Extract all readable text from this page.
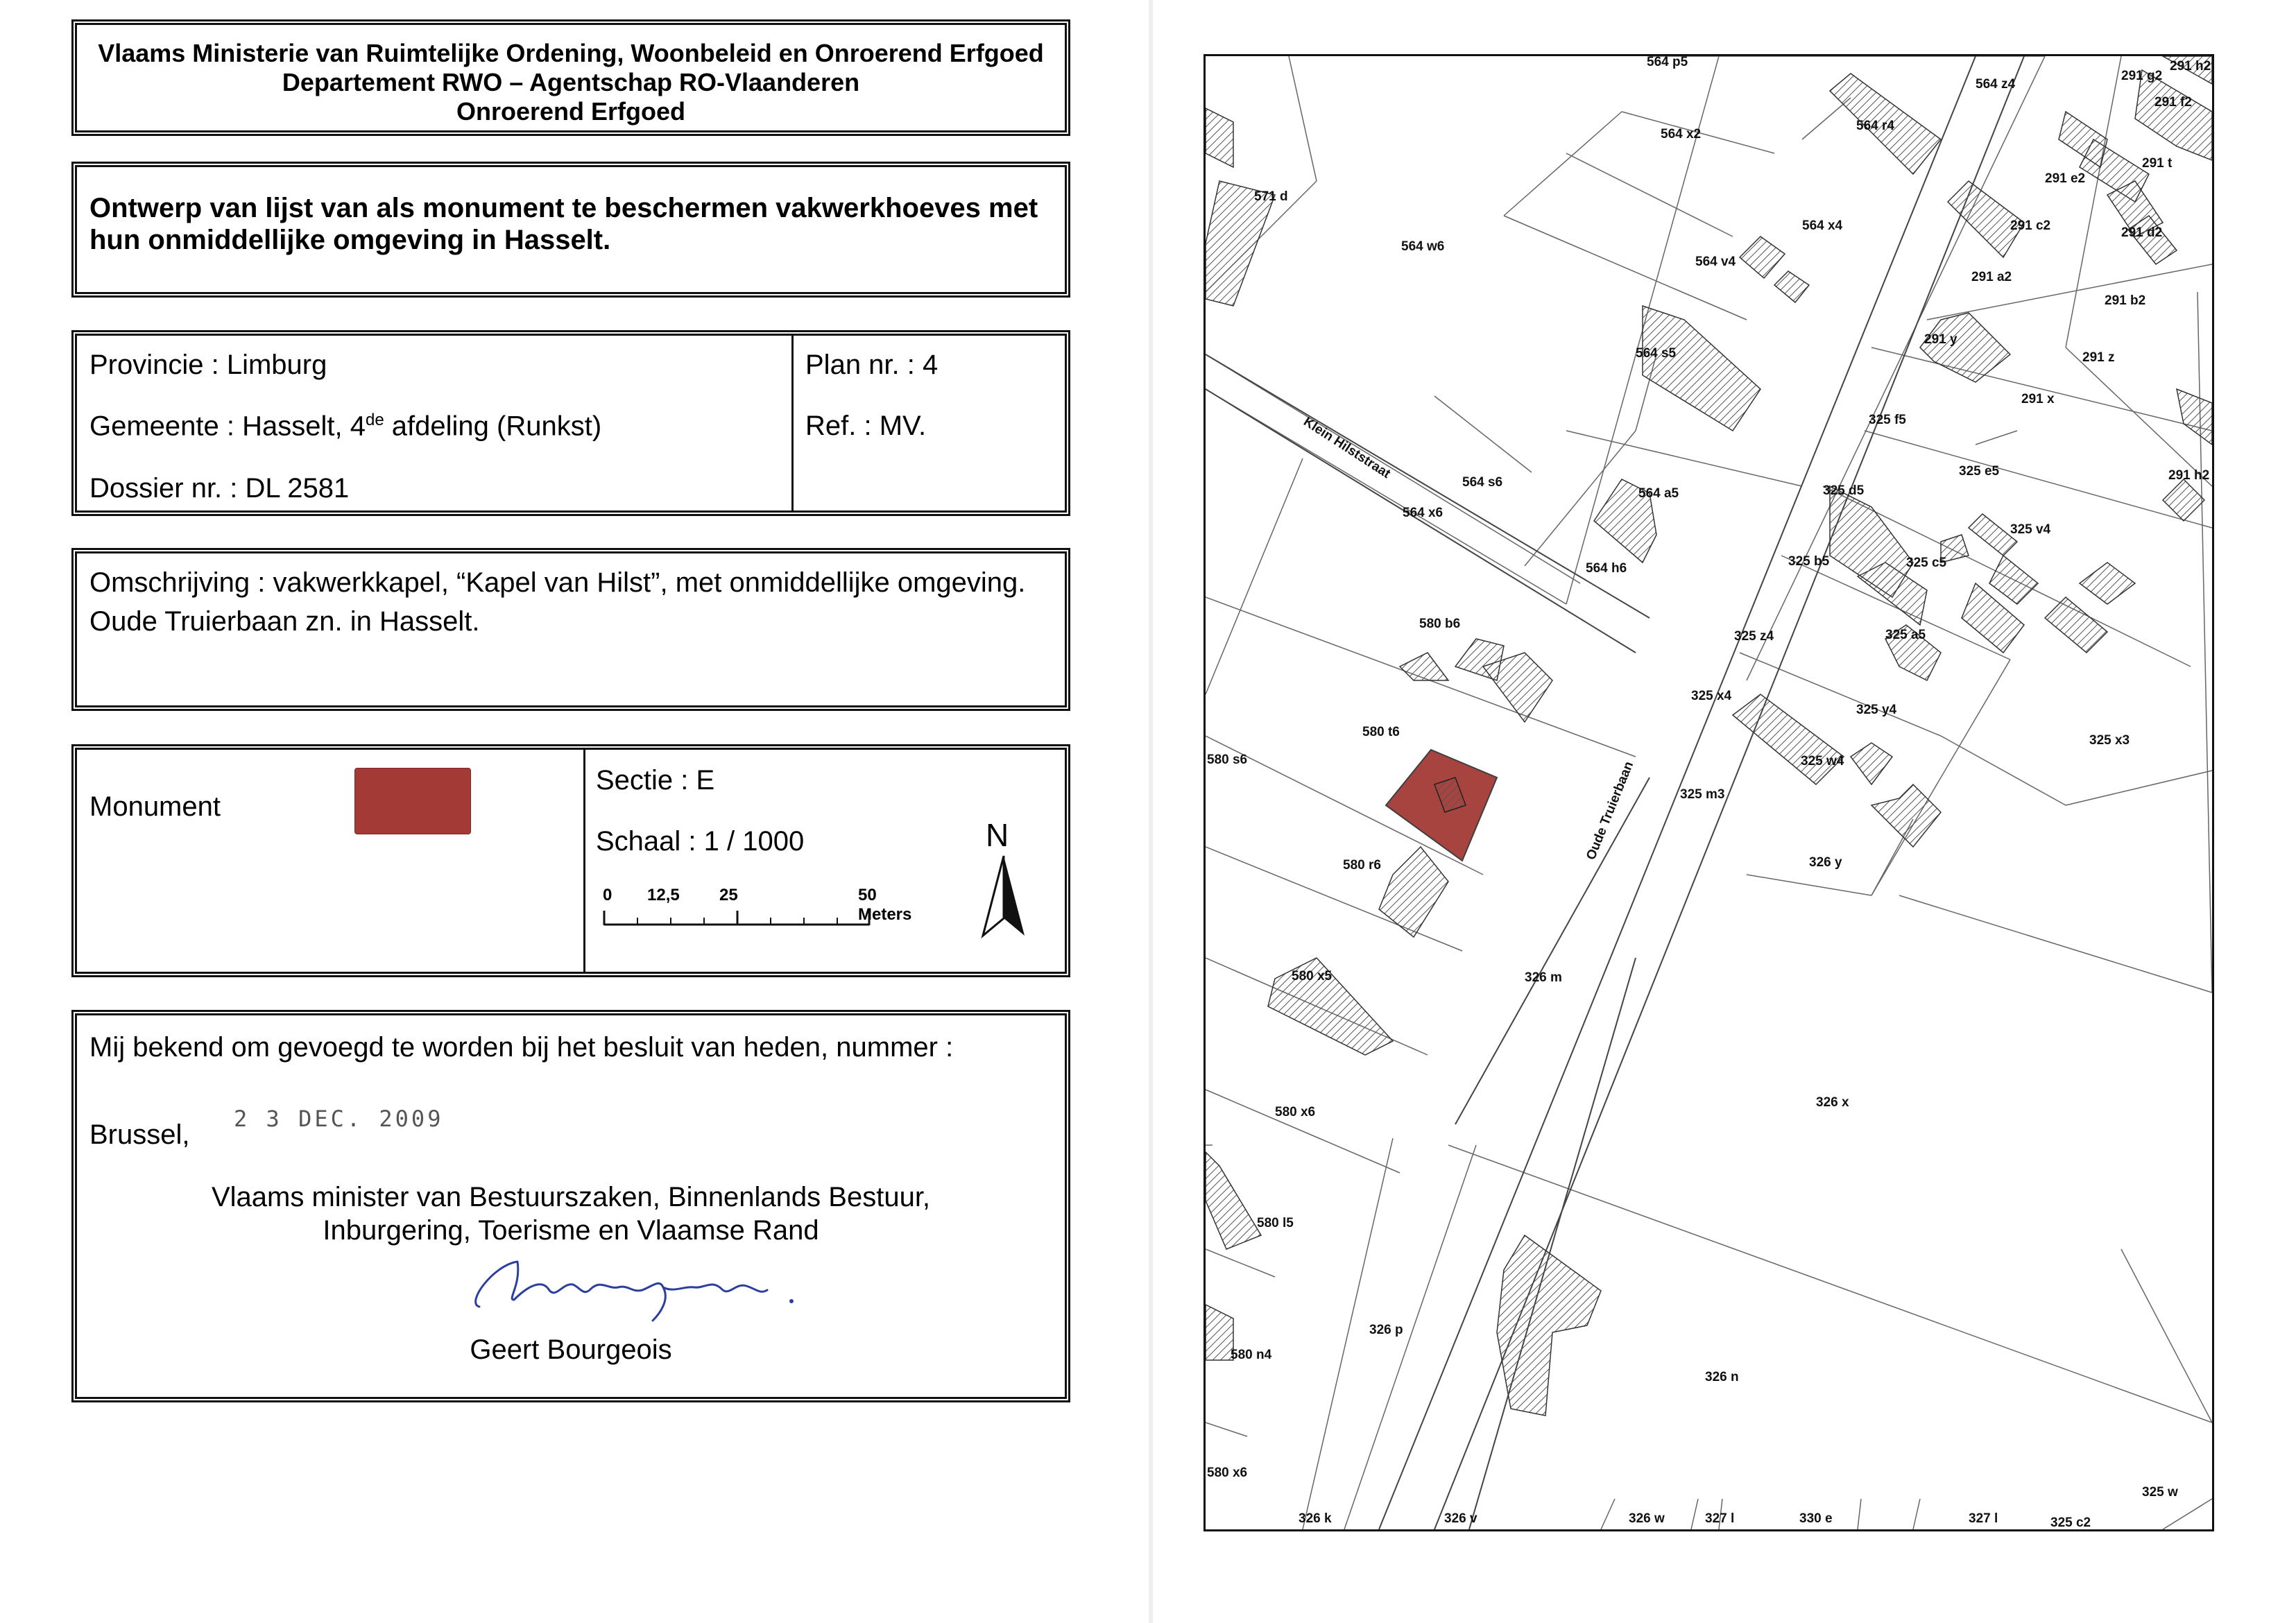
Vlaams Ministerie van Ruimtelijke Ordening, Woonbeleid en Onroerend Erfgoed
Departement RWO – Agentschap RO-Vlaanderen
Onroerend Erfgoed
Ontwerp van lijst van als monument te beschermen vakwerkhoeves met
hun onmiddellijke omgeving in Hasselt.
Provincie : Limburg
Gemeente : Hasselt, 4de afdeling (Runkst)
Dossier nr. : DL 2581
Plan nr. : 4
Ref. : MV.
Omschrijving : vakwerkkapel, “Kapel van Hilst”, met onmiddellijke omgeving.
Oude Truierbaan zn. in Hasselt.
Monument
Sectie : E
Schaal : 1 / 1000
0 12,5 25	50 Meters
N
Mij bekend om gevoegd te worden bij het besluit van heden, nummer :
Brussel,
2 3 DEC. 2009
Vlaams minister van Bestuurszaken, Binnenlands Bestuur,
Inburgering, Toerisme en Vlaamse Rand
Geert Bourgeois
Klein Hilststraat
Oude Truierbaan
564 p5
564 z4
291 g2
291 h2
291 f2
571 d
564 x2
564 r4
291 t
291 e2
564 w6
564 x4	291 c2	291 d2
564 v4
291 a2
291 b2
564 s5
291 y
291 z
291 x
325 f5
564 s6
564 a5
325 e5	291 h2
564 x6
325 d5
325 v4
564 h6	325 b5	325 c5
580 b6
325 z4	325 a5
325 x4
325 y4
580 t6
580 s6	325 w4
325 x3
325 m3
326 y
580 r6
580 x5	326 m
580 x6
326 x
580 l5
326 p
580 n4
326 n
580 x6
325 w
326 k	326 v	326 w	327 l	330 e	327 l	325 c2
